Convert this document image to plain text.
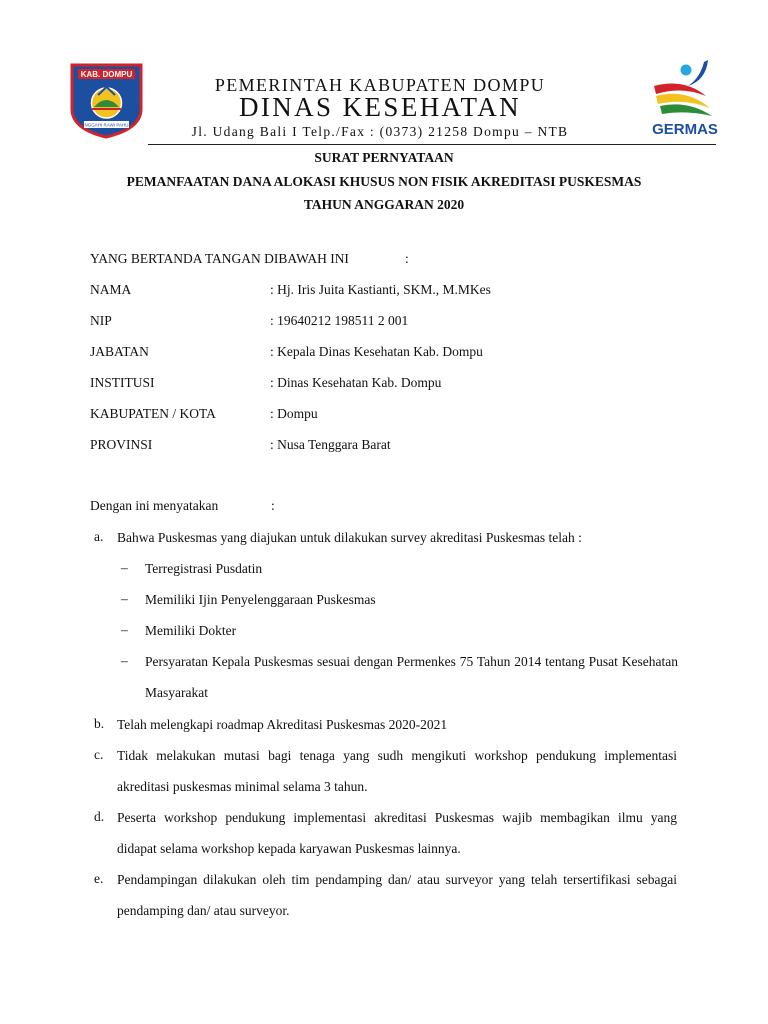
KAB. DOMPU
NGGAHI RAWI PAHU
PEMERINTAH KABUPATEN DOMPU
DINAS KESEHATAN
Jl. Udang Bali I Telp./Fax : (0373) 21258 Dompu – NTB	GERMAS
SURAT PERNYATAAN
PEMANFAATAN DANA ALOKASI KHUSUS NON FISIK AKREDITASI PUSKESMAS
TAHUN ANGGARAN 2020
YANG BERTANDA TANGAN DIBAWAH INI	:
NAMA	: Hj. Iris Juita Kastianti, SKM., M.MKes
NIP	: 19640212 198511 2 001
JABATAN	: Kepala Dinas Kesehatan Kab. Dompu
INSTITUSI	: Dinas Kesehatan Kab. Dompu
KABUPATEN / KOTA	: Dompu
PROVINSI	: Nusa Tenggara Barat
Dengan ini menyatakan	:
a. Bahwa Puskesmas yang diajukan untuk dilakukan survey akreditasi Puskesmas telah :
– Terregistrasi Pusdatin
– Memiliki Ijin Penyelenggaraan Puskesmas
– Memiliki Dokter
– Persyaratan Kepala Puskesmas sesuai dengan Permenkes 75 Tahun 2014 tentang Pusat Kesehatan Masyarakat
b. Telah melengkapi roadmap Akreditasi Puskesmas 2020-2021
c. Tidak melakukan mutasi bagi tenaga yang sudh mengikuti workshop pendukung implementasi akreditasi puskesmas minimal selama 3 tahun.
d. Peserta workshop pendukung implementasi akreditasi Puskesmas wajib membagikan ilmu yang didapat selama workshop kepada karyawan Puskesmas lainnya.
e. Pendampingan dilakukan oleh tim pendamping dan/ atau surveyor yang telah tersertifikasi sebagai pendamping dan/ atau surveyor.
